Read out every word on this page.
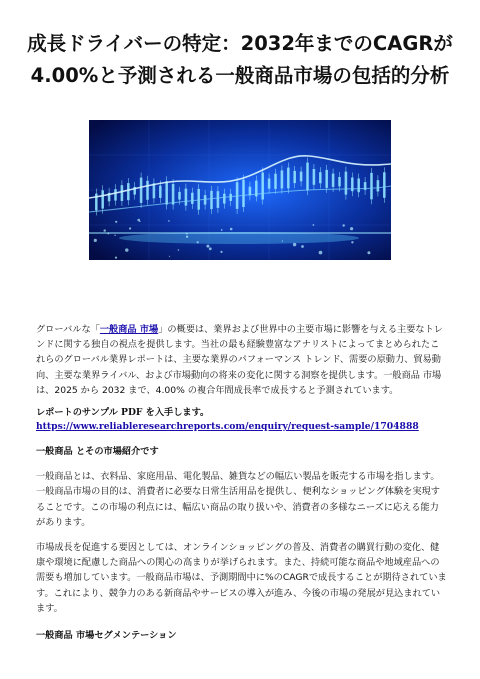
成長ドライバーの特定：2032年までのCAGRが
4.00%と予測される一般商品市場の包括的分析

グローバルな「一般商品 市場」の概要は、業界および世界中の主要市場に影響を与える主要なトレンドに関する独自の視点を提供します。当社の最も経験豊富なアナリストによってまとめられたこれらのグローバル業界レポートは、主要な業界のパフォーマンス トレンド、需要の原動力、貿易動向、主要な業界ライバル、および市場動向の将来の変化に関する洞察を提供します。一般商品 市場は、2025 から 2032 まで、4.00% の複合年間成長率で成長すると予測されています。

レポートのサンプル PDF を入手します。
https://www.reliableresearchreports.com/enquiry/request-sample/1704888

一般商品 とその市場紹介です

一般商品とは、衣料品、家庭用品、電化製品、雑貨などの幅広い製品を販売する市場を指します。一般商品市場の目的は、消費者に必要な日常生活用品を提供し、便利なショッピング体験を実現することです。この市場の利点には、幅広い商品の取り扱いや、消費者の多様なニーズに応える能力があります。

市場成長を促進する要因としては、オンラインショッピングの普及、消費者の購買行動の変化、健康や環境に配慮した商品への関心の高まりが挙げられます。また、持続可能な商品や地域産品への需要も増加しています。一般商品市場は、予測期間中に%のCAGRで成長することが期待されています。これにより、競争力のある新商品やサービスの導入が進み、今後の市場の発展が見込まれています。

一般商品 市場セグメンテーション
